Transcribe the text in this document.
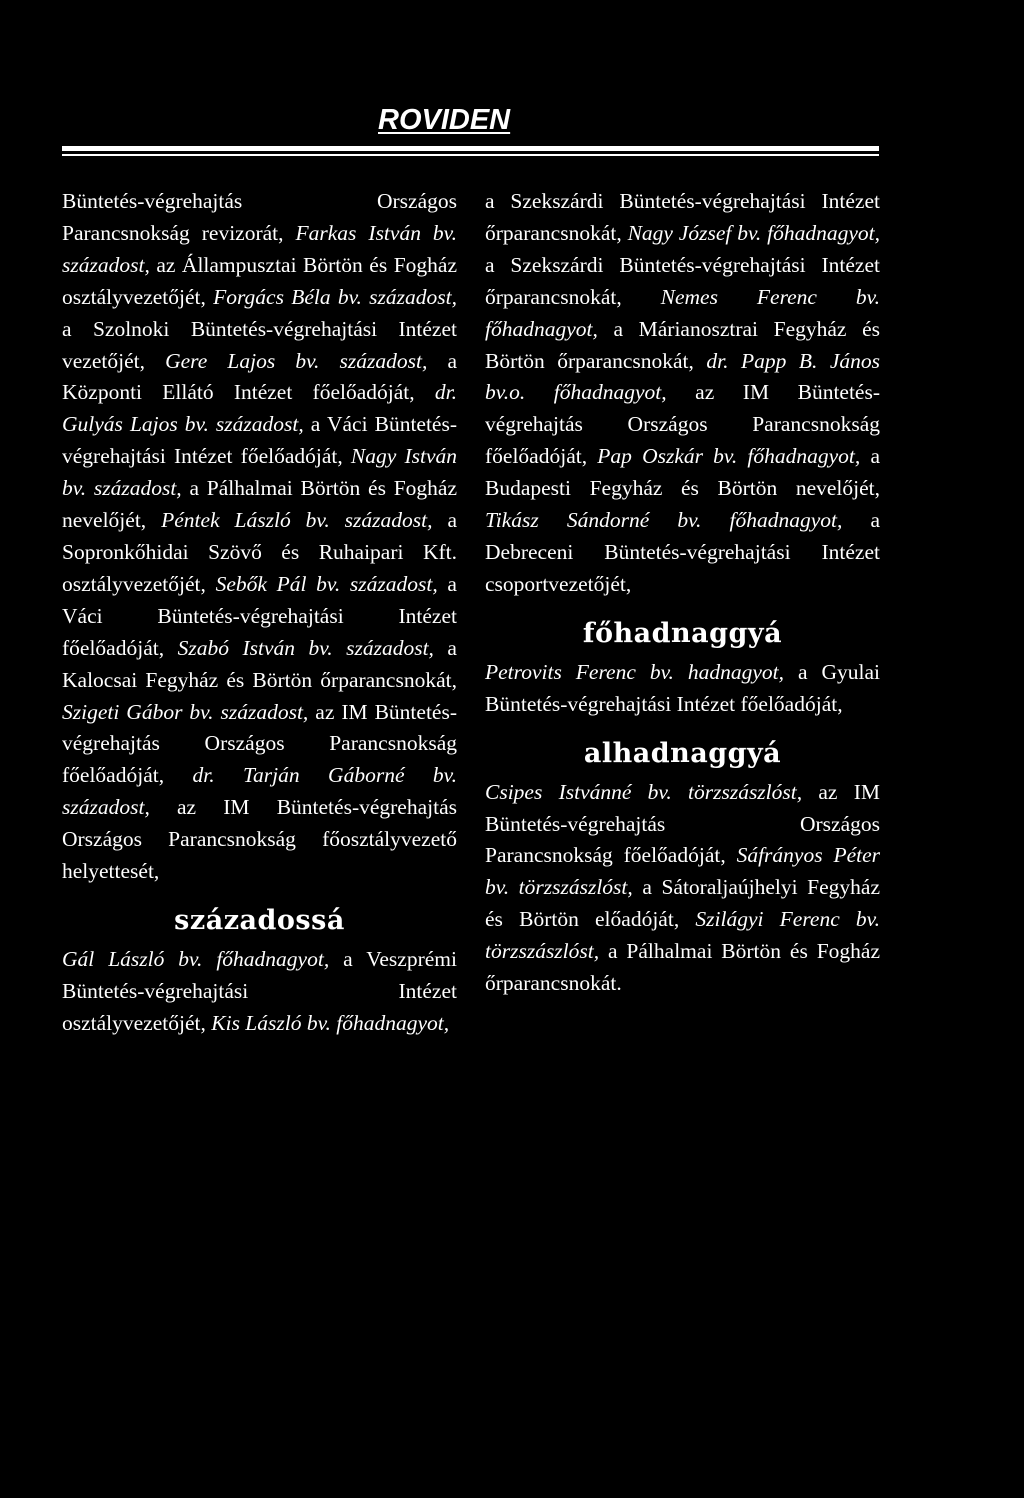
ROVIDEN

Büntetés-végrehajtás Országos Parancsnokság revizorát, Farkas István bv. századost, az Állampusztai Börtön és Fogház osztályvezetőjét, Forgács Béla bv. századost, a Szolnoki Büntetés-végrehajtási Intézet vezetőjét, Gere Lajos bv. századost, a Központi Ellátó Intézet főelőadóját, dr. Gulyás Lajos bv. századost, a Váci Büntetés-végrehajtási Intézet főelőadóját, Nagy István bv. századost, a Pálhalmai Börtön és Fogház nevelőjét, Péntek László bv. századost, a Sopronkőhidai Szövő és Ruhaipari Kft. osztályvezetőjét, Sebők Pál bv. századost, a Váci Büntetés-végrehajtási Intézet főelőadóját, Szabó István bv. századost, a Kalocsai Fegyház és Börtön őrparancsnokát, Szigeti Gábor bv. századost, az IM Büntetés-végrehajtás Országos Parancsnokság főelőadóját, dr. Tarján Gáborné bv. századost, az IM Büntetés-végrehajtás Országos Parancsnokság főosztályvezető helyettesét,

századossá

Gál László bv. főhadnagyot, a Veszprémi Büntetés-végrehajtási Intézet osztályvezetőjét, Kis László bv. főhadnagyot,

a Szekszárdi Büntetés-végrehajtási Intézet őrparancsnokát, Nagy József bv. főhadnagyot, a Szekszárdi Büntetés-végrehajtási Intézet őrparancsnokát, Nemes Ferenc bv. főhadnagyot, a Márianosztrai Fegyház és Börtön őrparancsnokát, dr. Papp B. János bv.o. főhadnagyot, az IM Büntetés-végrehajtás Országos Parancsnokság főelőadóját, Pap Oszkár bv. főhadnagyot, a Budapesti Fegyház és Börtön nevelőjét, Tikász Sándorné bv. főhadnagyot, a Debreceni Büntetés-végrehajtási Intézet csoportvezetőjét,

főhadnaggyá

Petrovits Ferenc bv. hadnagyot, a Gyulai Büntetés-végrehajtási Intézet főelőadóját,

alhadnaggyá

Csipes Istvánné bv. törzszászlóst, az IM Büntetés-végrehajtás Országos Parancsnokság főelőadóját, Sáfrányos Péter bv. törzszászlóst, a Sátoraljaújhelyi Fegyház és Börtön előadóját, Szilágyi Ferenc bv. törzszászlóst, a Pálhalmai Börtön és Fogház őrparancsnokát.
